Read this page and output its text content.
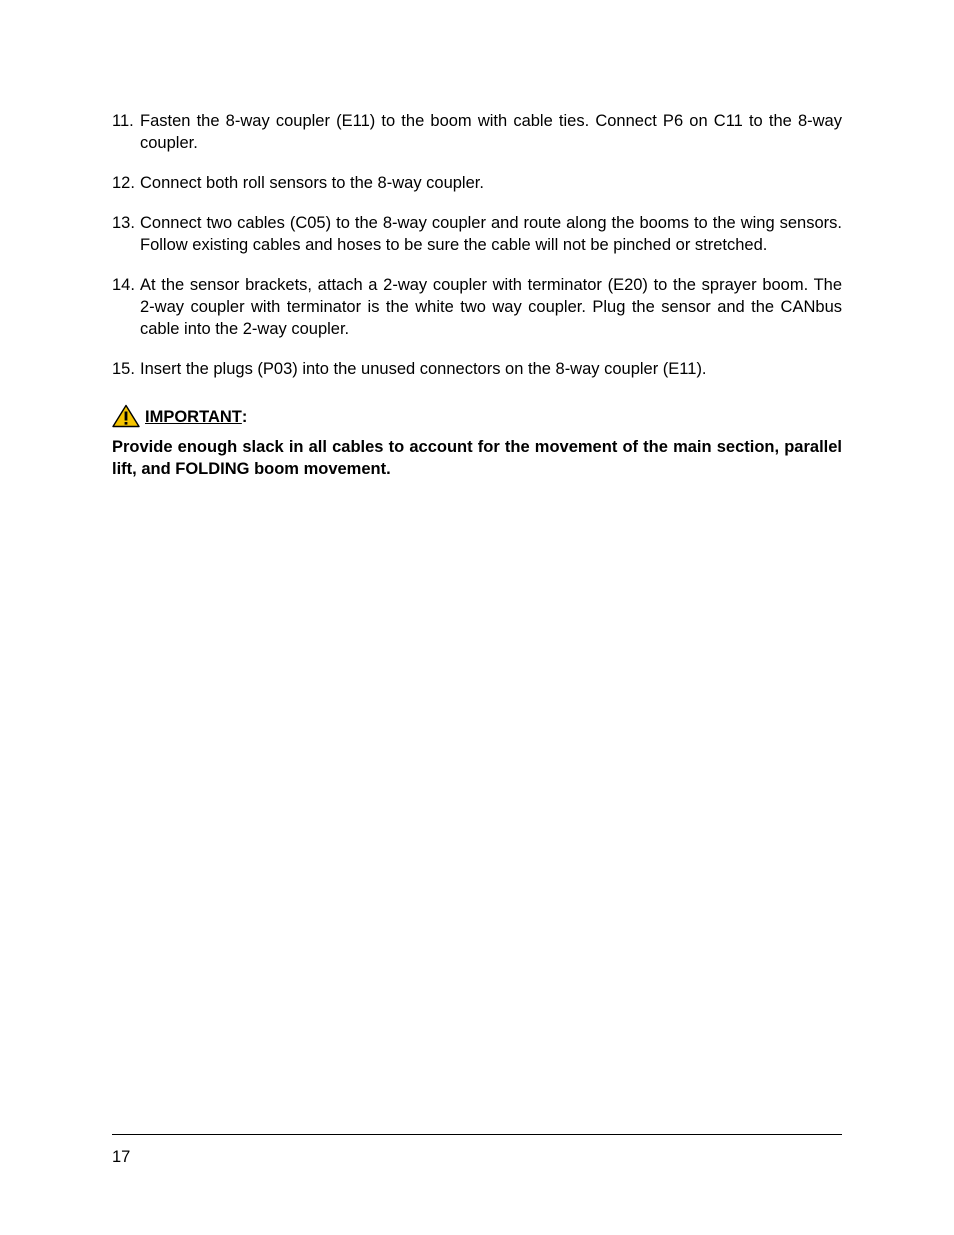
11. Fasten the 8-way coupler (E11) to the boom with cable ties. Connect P6 on C11 to the 8-way coupler.
12. Connect both roll sensors to the 8-way coupler.
13. Connect two cables (C05) to the 8-way coupler and route along the booms to the wing sensors. Follow existing cables and hoses to be sure the cable will not be pinched or stretched.
14. At the sensor brackets, attach a 2-way coupler with terminator (E20) to the sprayer boom. The 2-way coupler with terminator is the white two way coupler. Plug the sensor and the CANbus cable into the 2-way coupler.
15. Insert the plugs (P03) into the unused connectors on the 8-way coupler (E11).
IMPORTANT :
Provide enough slack in all cables to account for the movement of the main section, parallel lift, and FOLDING boom movement.
17
